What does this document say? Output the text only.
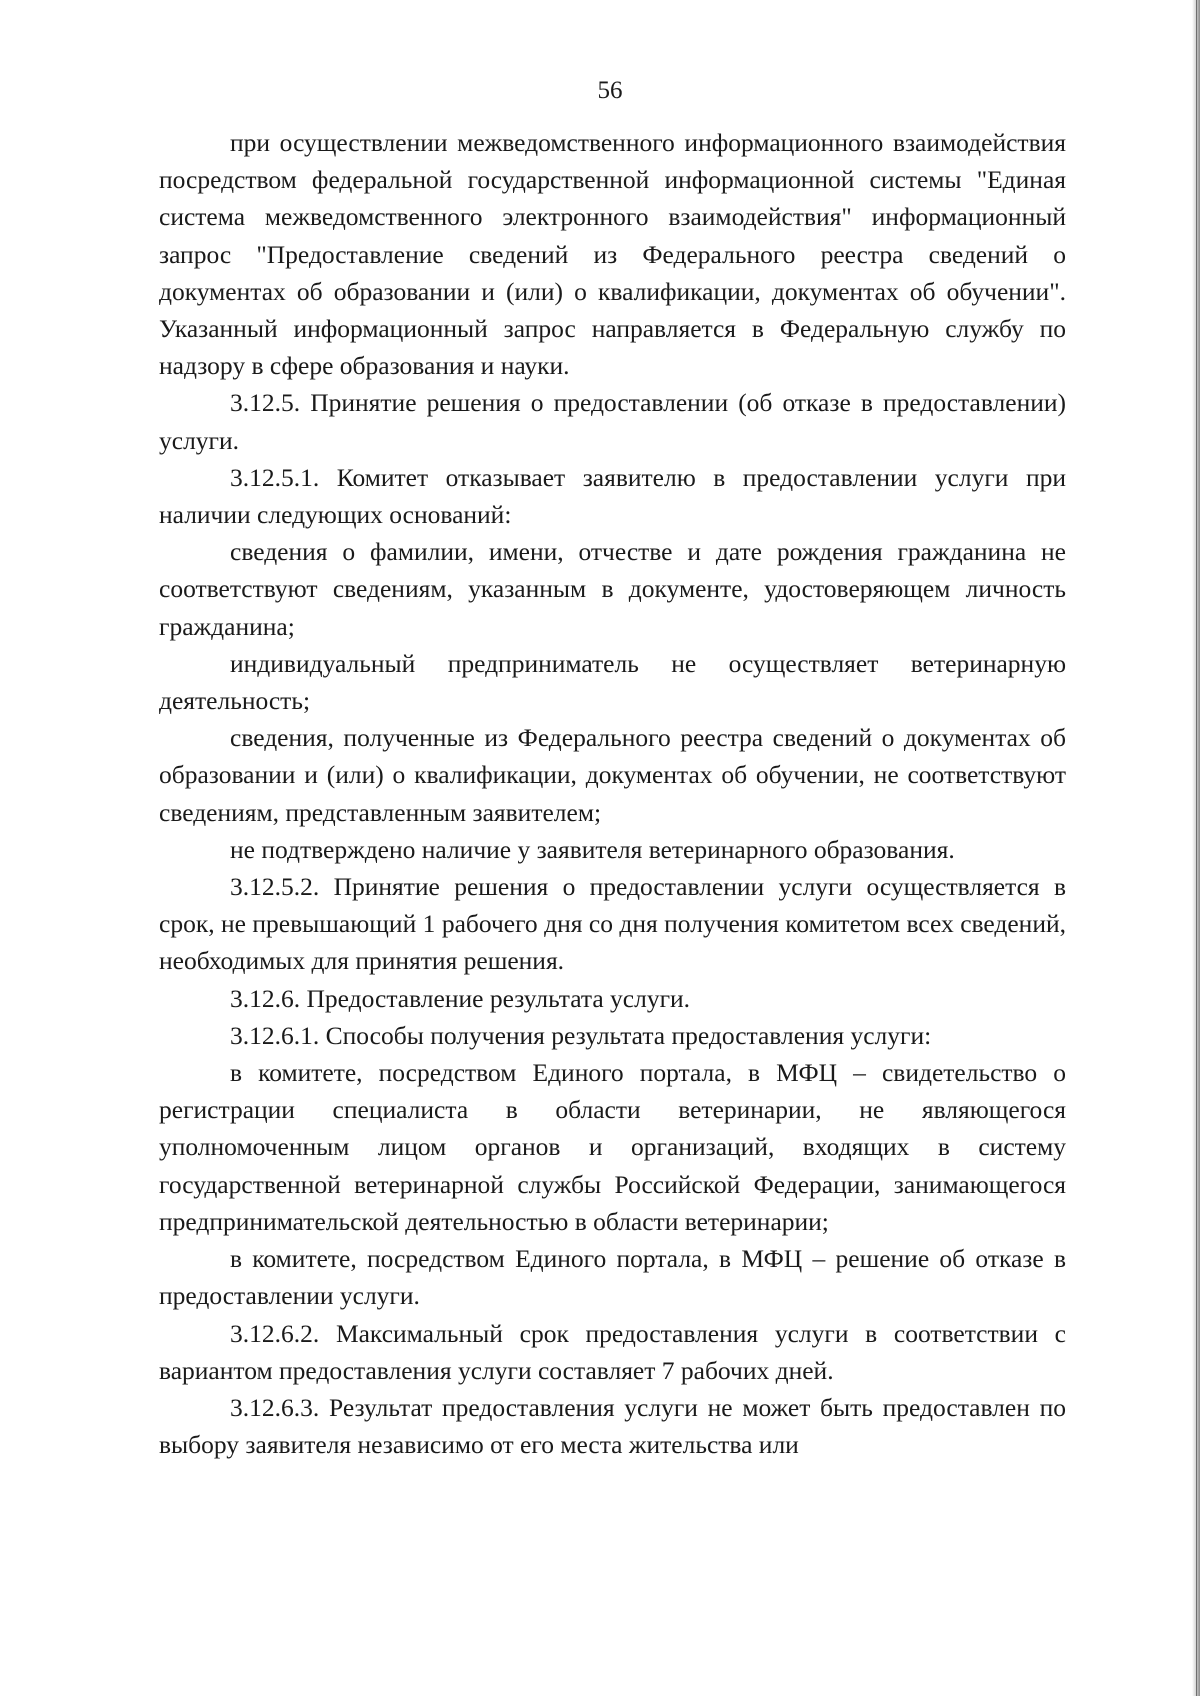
56

при осуществлении межведомственного информационного взаимодействия посредством федеральной государственной информационной системы "Единая система межведомственного электронного взаимодействия" информационный запрос "Предоставление сведений из Федерального реестра сведений о документах об образовании и (или) о квалификации, документах об обучении". Указанный информационный запрос направляется в Федеральную службу по надзору в сфере образования и науки.

3.12.5. Принятие решения о предоставлении (об отказе в предоставлении) услуги.

3.12.5.1. Комитет отказывает заявителю в предоставлении услуги при наличии следующих оснований:

сведения о фамилии, имени, отчестве и дате рождения гражданина не соответствуют сведениям, указанным в документе, удостоверяющем личность гражданина;

индивидуальный предприниматель не осуществляет ветеринарную деятельность;

сведения, полученные из Федерального реестра сведений о документах об образовании и (или) о квалификации, документах об обучении, не соответствуют сведениям, представленным заявителем;

не подтверждено наличие у заявителя ветеринарного образования.

3.12.5.2. Принятие решения о предоставлении услуги осуществляется в срок, не превышающий 1 рабочего дня со дня получения комитетом всех сведений, необходимых для принятия решения.

3.12.6. Предоставление результата услуги.

3.12.6.1. Способы получения результата предоставления услуги:

в комитете, посредством Единого портала, в МФЦ – свидетельство о регистрации специалиста в области ветеринарии, не являющегося уполномоченным лицом органов и организаций, входящих в систему государственной ветеринарной службы Российской Федерации, занимающегося предпринимательской деятельностью в области ветеринарии;

в комитете, посредством Единого портала, в МФЦ – решение об отказе в предоставлении услуги.

3.12.6.2. Максимальный срок предоставления услуги в соответствии с вариантом предоставления услуги составляет 7 рабочих дней.

3.12.6.3. Результат предоставления услуги не может быть предоставлен по выбору заявителя независимо от его места жительства или
